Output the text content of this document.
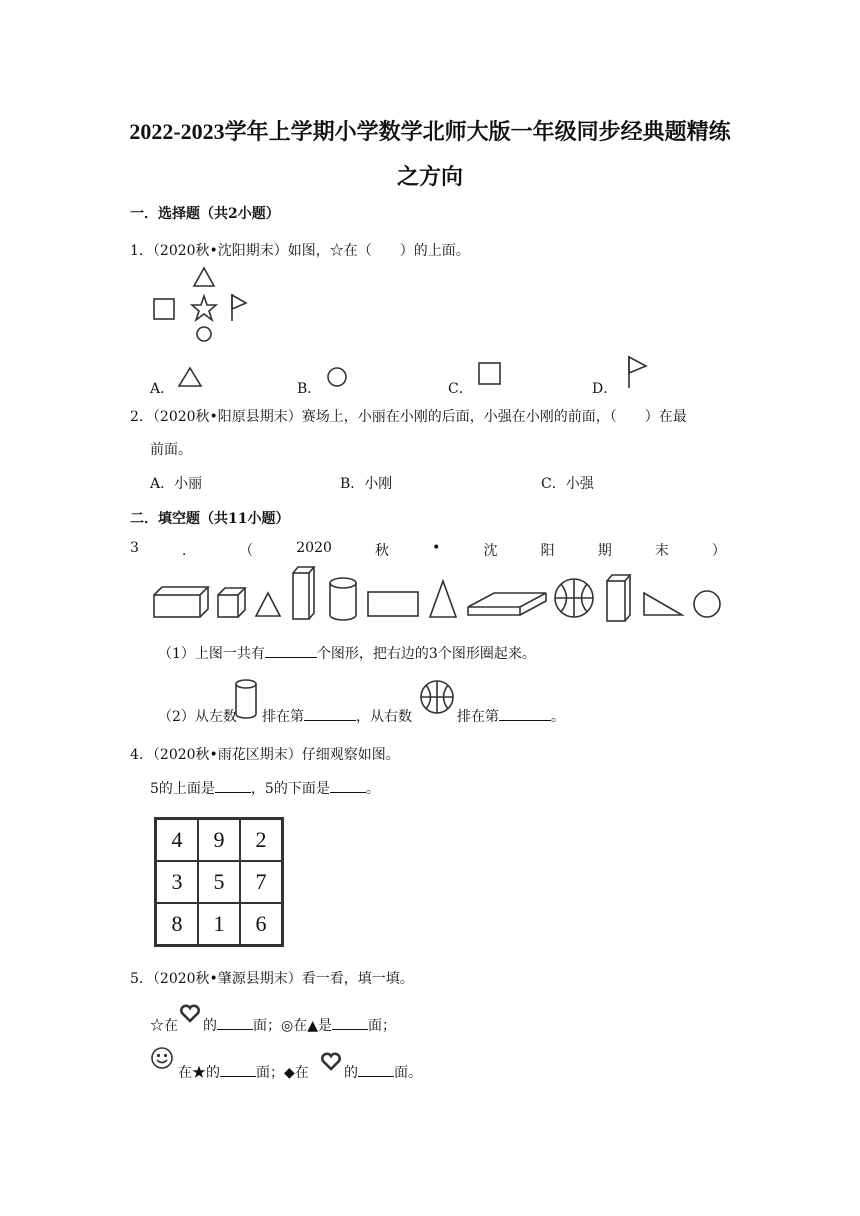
2022-2023学年上学期小学数学北师大版一年级同步经典题精练
之方向
一．选择题（共2小题）
1．（2020秋•沈阳期末）如图，☆在（　　）的上面。
A．	B．	C．	D．
2．（2020秋•阳原县期末）赛场上，小丽在小刚的后面，小强在小刚的前面，（　　）在最
前面。
A．小丽	B．小刚	C．小强
二．填空题（共11小题）
3	．	（	2020	秋	•	沈	阳	期	末	）
（1）上图一共有	个图形，把右边的3个图形圈起来。
（2）从左数 排在第	，从右数	排在第	。
4．（2020秋•雨花区期末）仔细观察如图。
5的上面是	，5的下面是	。
4	9	2
3	5	7
8	1	6
5．（2020秋•肇源县期末）看一看，填一填。
☆在 的	面；◎在▲是	面；
在★的	面；◆在	的	面。
